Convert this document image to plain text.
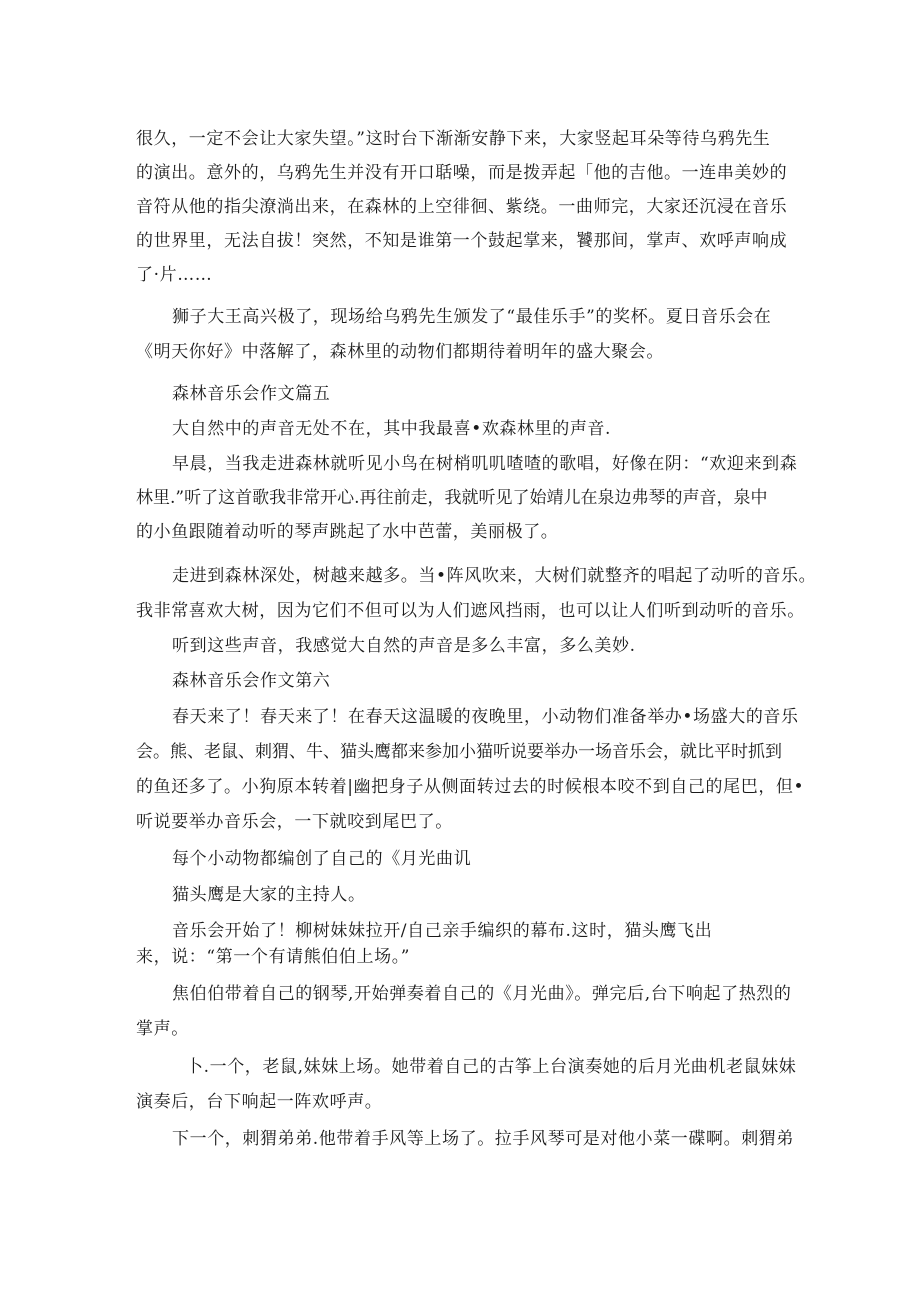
很久，一定不会让大家失望。”这时台下渐渐安静下来，大家竖起耳朵等待乌鸦先生
的演出。意外的，乌鸦先生并没有开口聒噪，而是拨弄起「他的吉他。一连串美妙的
音符从他的指尖潦淌出来，在森林的上空徘徊、紫绕。一曲师完，大家还沉浸在音乐
的世界里，无法自拔！突然，不知是谁第一个鼓起掌来，饕那间，掌声、欢呼声响成
了·片……
狮子大王高兴极了，现场给乌鸦先生颁发了“最佳乐手”的奖杯。夏日音乐会在
《明天你好》中落解了，森林里的动物们都期待着明年的盛大聚会。
森林音乐会作文篇五
大自然中的声音无处不在，其中我最喜•欢森林里的声音.
早晨，当我走进森林就听见小鸟在树梢叽叽喳喳的歌唱，好像在阴：“欢迎来到森
林里.”听了这首歌我非常开心.再往前走，我就听见了始靖儿在泉边弗琴的声音，泉中
的小鱼跟随着动听的琴声跳起了水中芭蕾，美丽极了。
走进到森林深处，树越来越多。当•阵风吹来，大树们就整齐的唱起了动听的音乐。
我非常喜欢大树，因为它们不但可以为人们遮风挡雨，也可以让人们听到动听的音乐。
听到这些声音，我感觉大自然的声音是多么丰富，多么美妙.
森林音乐会作文第六
春天来了！春天来了！在春天这温暖的夜晚里，小动物们准备举办•场盛大的音乐
会。熊、老鼠、刺猬、牛、猫头鹰都来参加小猫听说要举办一场音乐会，就比平时抓到
的鱼还多了。小狗原本转着|幽把身子从侧面转过去的时候根本咬不到自己的尾巴，但•
听说要举办音乐会，一下就咬到尾巴了。
每个小动物都编创了自己的《月光曲讥
猫头鹰是大家的主持人。
音乐会开始了！柳树妹妹拉开/自己亲手编织的幕布.这时，猫头鹰飞出
来，说：“第一个有请熊伯伯上场。”
焦伯伯带着自己的钢琴,开始弹奏着自己的《月光曲》。弹完后,台下响起了热烈的
掌声。
卜.一个，老鼠,妹妹上场。她带着自己的古筝上台演奏她的后月光曲机老鼠妹妹
演奏后，台下响起一阵欢呼声。
下一个，刺猬弟弟.他带着手风等上场了。拉手风琴可是对他小菜一碟啊。刺猬弟
